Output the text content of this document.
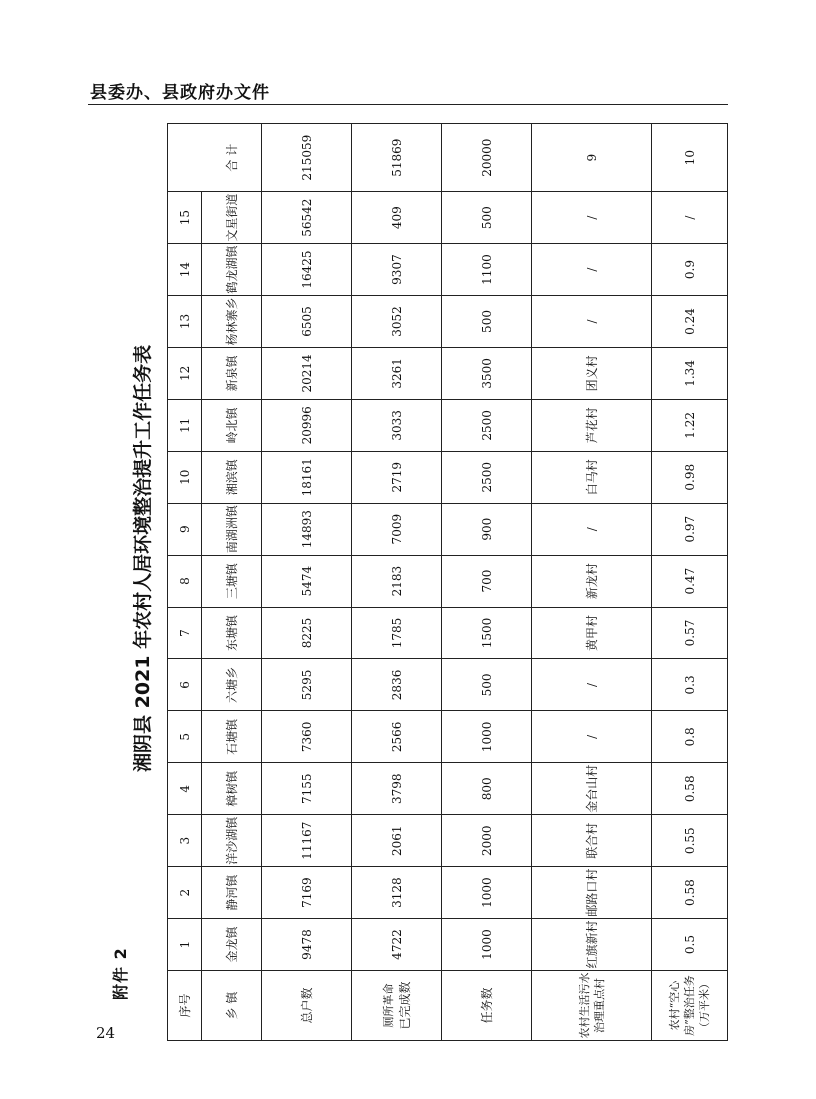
县委办、县政府办文件
附件 2
24
湘阴县 2021 年农村人居环境整治提升工作任务表
序号	1	2	3	4	5	6	7	8	9	10	11	12	13	14	15	
乡 镇	金龙镇	静河镇	洋沙湖镇	樟树镇	石塘镇	六塘乡	东塘镇	三塘镇	南湖洲镇	湘滨镇	岭北镇	新泉镇	杨林寨乡	鹤龙湖镇	文星街道	合 计
总户数	9478	7169	11167	7155	7360	5295	8225	5474	14893	18161	20996	20214	6505	16425	56542	215059

厕所革命 已完成数	4722	3128	2061	3798	2566	2836	1785	2183	7009	2719	3033	3261	3052	9307	409	51869

任务数	1000	1000	2000	800	1000	500	1500	700	900	2500	2500	3500	500	1100	500	20000
农村生活污水治理重点村	红旗新村	邮路口村	联合村	金台山村	/	/	黄甲村	新龙村	/	白马村	芦花村	团义村	/	/	/	9
农村“空心房”整治任务（万平米）	0.5	0.58	0.55	0.58	0.8	0.3	0.57	0.47	0.97	0.98	1.22	1.34	0.24	0.9	/	10
